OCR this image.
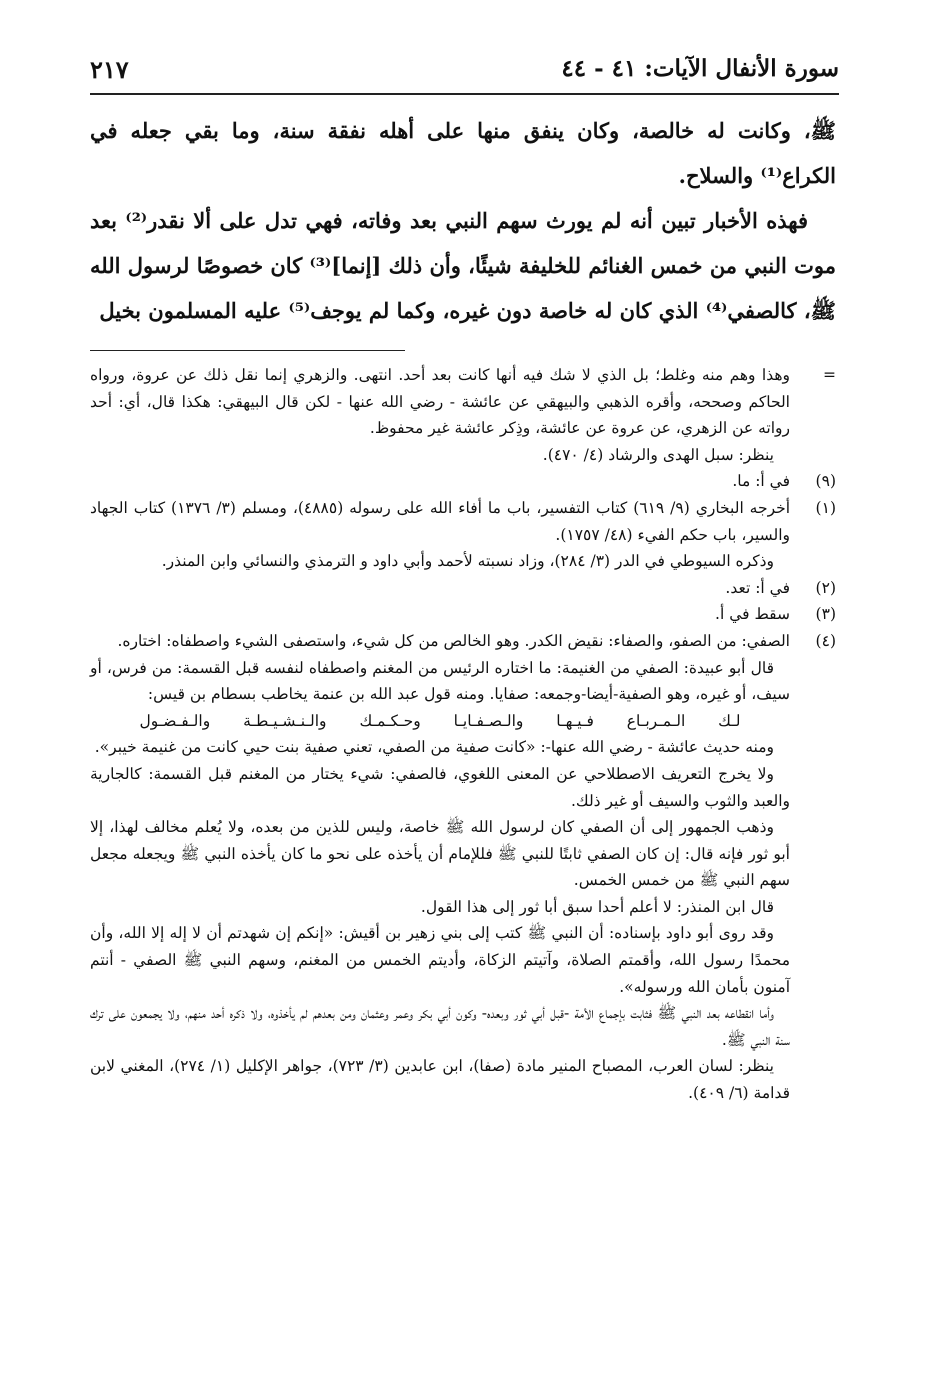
سورة الأنفال الآيات: ٤١ - ٤٤
٢١٧

ﷺ، وكانت له خالصة، وكان ينفق منها على أهله نفقة سنة، وما بقي جعله في الكراع⁽¹⁾ والسلاح.

فهذه الأخبار تبين أنه لم يورث سهم النبي بعد وفاته، فهي تدل على ألا نقدر⁽²⁾ بعد موت النبي من خمس الغنائم للخليفة شيئًا، وأن ذلك [إنما]⁽³⁾ كان خصوصًا لرسول الله ﷺ، كالصفي⁽⁴⁾ الذي كان له خاصة دون غيره، وكما لم يوجف⁽⁵⁾ عليه المسلمون بخيل

=
وهذا وهم منه وغلط؛ بل الذي لا شك فيه أنها كانت بعد أحد. انتهى. والزهري إنما نقل ذلك عن عروة، ورواه الحاكم وصححه، وأقره الذهبي والبيهقي عن عائشة - رضي الله عنها - لكن قال البيهقي: هكذا قال، أي: أحد رواته عن الزهري، عن عروة عن عائشة، وذِكر عائشة غير محفوظ.

ينظر: سبل الهدى والرشاد (٤/ ٤٧٠).

(٩)
في أ: ما.

(١)
أخرجه البخاري (٩/ ٦١٩) كتاب التفسير، باب ما أفاء الله على رسوله (٤٨٨٥)، ومسلم (٣/ ١٣٧٦) كتاب الجهاد والسير، باب حكم الفيء (٤٨/ ١٧٥٧).

وذكره السيوطي في الدر (٣/ ٢٨٤)، وزاد نسبته لأحمد وأبي داود و الترمذي والنسائي وابن المنذر.

(٢)
في أ: تعد.

(٣)
سقط في أ.

(٤)
الصفي: من الصفو، والصفاء: نقيض الكدر. وهو الخالص من كل شيء، واستصفى الشيء واصطفاه: اختاره.

قال أبو عبيدة: الصفي من الغنيمة: ما اختاره الرئيس من المغنم واصطفاه لنفسه قبل القسمة: من فرس، أو سيف، أو غيره، وهو الصفية-أيضا-وجمعه: صفايا. ومنه قول عبد الله بن عنمة يخاطب بسطام بن قيس:

لـك الـمـربـاع فـيـهـا والـصـفـايـا وحـكـمـك والـنـشـيـطـة والـفـضـول

ومنه حديث عائشة - رضي الله عنها-: «كانت صفية من الصفي، تعني صفية بنت حيي كانت من غنيمة خيبر».

ولا يخرج التعريف الاصطلاحي عن المعنى اللغوي، فالصفي: شيء يختار من المغنم قبل القسمة: كالجارية والعبد والثوب والسيف أو غير ذلك.

وذهب الجمهور إلى أن الصفي كان لرسول الله ﷺ خاصة، وليس للذين من بعده، ولا يُعلم مخالف لهذا، إلا أبو ثور فإنه قال: إن كان الصفي ثابتًا للنبي ﷺ فللإمام أن يأخذه على نحو ما كان يأخذه النبي ﷺ ويجعله مجعل سهم النبي ﷺ من خمس الخمس.

قال ابن المنذر: لا أعلم أحدا سبق أبا ثور إلى هذا القول.

وقد روى أبو داود بإسناده: أن النبي ﷺ كتب إلى بني زهير بن أقيش: «إنكم إن شهدتم أن لا إله إلا الله، وأن محمدًا رسول الله، وأقمتم الصلاة، وآتيتم الزكاة، وأديتم الخمس من المغنم، وسهم النبي ﷺ الصفي - أنتم آمنون بأمان الله ورسوله».

وأما انقطاعه بعد النبي ﷺ فثابت بإجماع الأمة -قبل أبي ثور وبعده- وكون أبي بكر وعمر وعثمان ومن بعدهم لم يأخذوه، ولا ذكره أحد منهم، ولا يجمعون على ترك سنة النبي ﷺ.

ينظر: لسان العرب، المصباح المنير مادة (صفا)، ابن عابدين (٣/ ٧٢٣)، جواهر الإكليل (١/ ٢٧٤)، المغني لابن قدامة (٦/ ٤٠٩).
